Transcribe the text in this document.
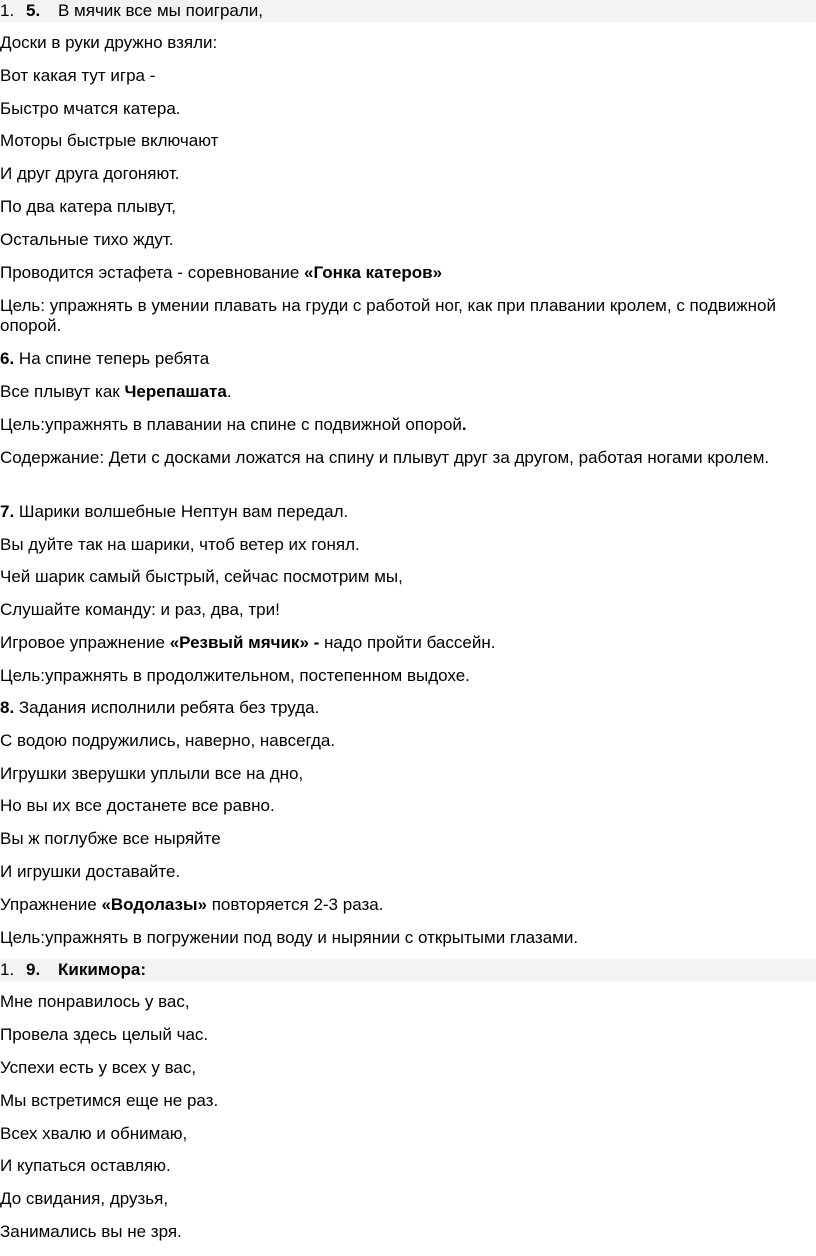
1. 5. В мячик все мы поиграли,
Доски в руки дружно взяли:
Вот какая тут игра -
Быстро мчатся катера.
Моторы быстрые включают
И друг друга догоняют.
По два катера плывут,
Остальные тихо ждут.
Проводится эстафета - соревнование «Гонка катеров»
Цель: упражнять в умении плавать на груди с работой ног, как при плавании кролем, с подвижной опорой.
6. На спине теперь ребята
Все плывут как Черепашата.
Цель:упражнять в плавании на спине с подвижной опорой.
Содержание: Дети с досками ложатся на спину и плывут друг за другом, работая ногами кролем.
7. Шарики волшебные Нептун вам передал.
Вы дуйте так на шарики, чтоб ветер их гонял.
Чей шарик самый быстрый, сейчас посмотрим мы,
Слушайте команду: и раз, два, три!
Игровое упражнение «Резвый мячик» - надо пройти бассейн.
Цель:упражнять в продолжительном, постепенном выдохе.
8. Задания исполнили ребята без труда.
С водою подружились, наверно, навсегда.
Игрушки зверушки уплыли все на дно,
Но вы их все достанете все равно.
Вы ж поглубже все ныряйте
И игрушки доставайте.
Упражнение «Водолазы» повторяется 2-3 раза.
Цель:упражнять в погружении под воду и нырянии с открытыми глазами.
1. 9. Кикимора:
Мне понравилось у вас,
Провела здесь целый час.
Успехи есть у всех у вас,
Мы встретимся еще не раз.
Всех хвалю и обнимаю,
И купаться оставляю.
До свидания, друзья,
Занимались вы не зря.
